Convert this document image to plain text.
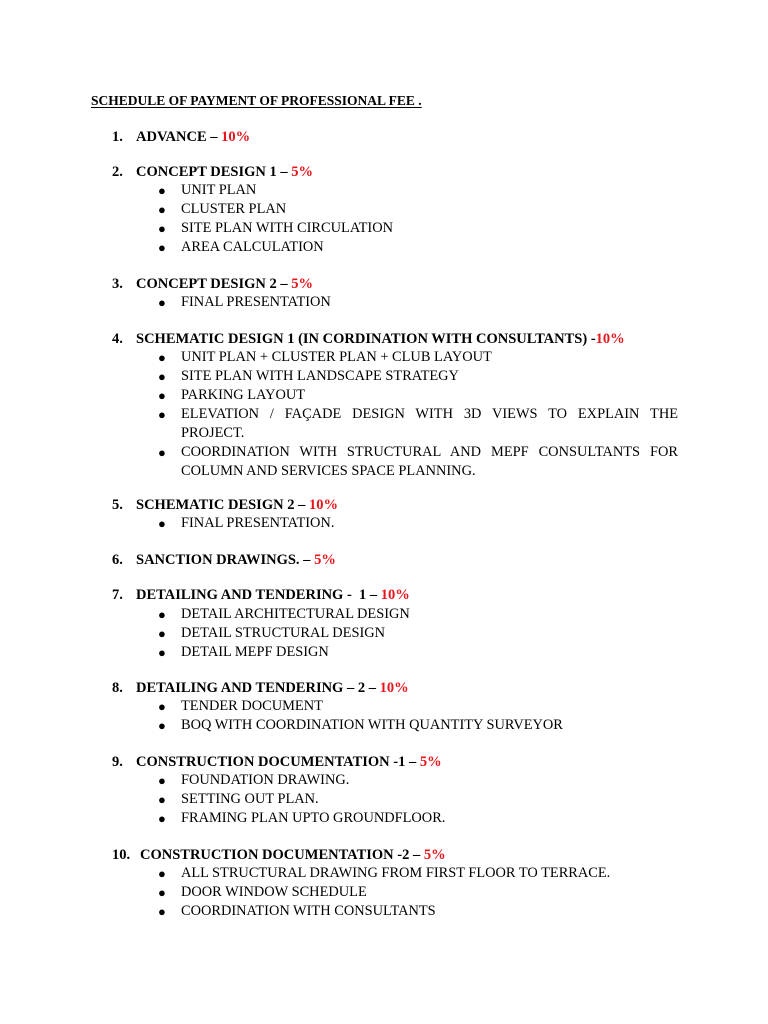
SCHEDULE OF PAYMENT OF PROFESSIONAL FEE .
1. ADVANCE – 10%
2. CONCEPT DESIGN 1 – 5%
● UNIT PLAN
● CLUSTER PLAN
● SITE PLAN WITH CIRCULATION
● AREA CALCULATION
3. CONCEPT DESIGN 2 – 5%
● FINAL PRESENTATION
4. SCHEMATIC DESIGN 1 (IN CORDINATION WITH CONSULTANTS) -10%
● UNIT PLAN + CLUSTER PLAN + CLUB LAYOUT
● SITE PLAN WITH LANDSCAPE STRATEGY
● PARKING LAYOUT
● ELEVATION / FAÇADE DESIGN WITH 3D VIEWS TO EXPLAIN THE PROJECT.
● COORDINATION WITH STRUCTURAL AND MEPF CONSULTANTS FOR COLUMN AND SERVICES SPACE PLANNING.
5. SCHEMATIC DESIGN 2 – 10%
● FINAL PRESENTATION.
6. SANCTION DRAWINGS. – 5%
7. DETAILING AND TENDERING -  1 – 10%
● DETAIL ARCHITECTURAL DESIGN
● DETAIL STRUCTURAL DESIGN
● DETAIL MEPF DESIGN
8. DETAILING AND TENDERING – 2 – 10%
● TENDER DOCUMENT
● BOQ WITH COORDINATION WITH QUANTITY SURVEYOR
9. CONSTRUCTION DOCUMENTATION -1 – 5%
● FOUNDATION DRAWING.
● SETTING OUT PLAN.
● FRAMING PLAN UPTO GROUNDFLOOR.
10. CONSTRUCTION DOCUMENTATION -2 – 5%
● ALL STRUCTURAL DRAWING FROM FIRST FLOOR TO TERRACE.
● DOOR WINDOW SCHEDULE
● COORDINATION WITH CONSULTANTS
